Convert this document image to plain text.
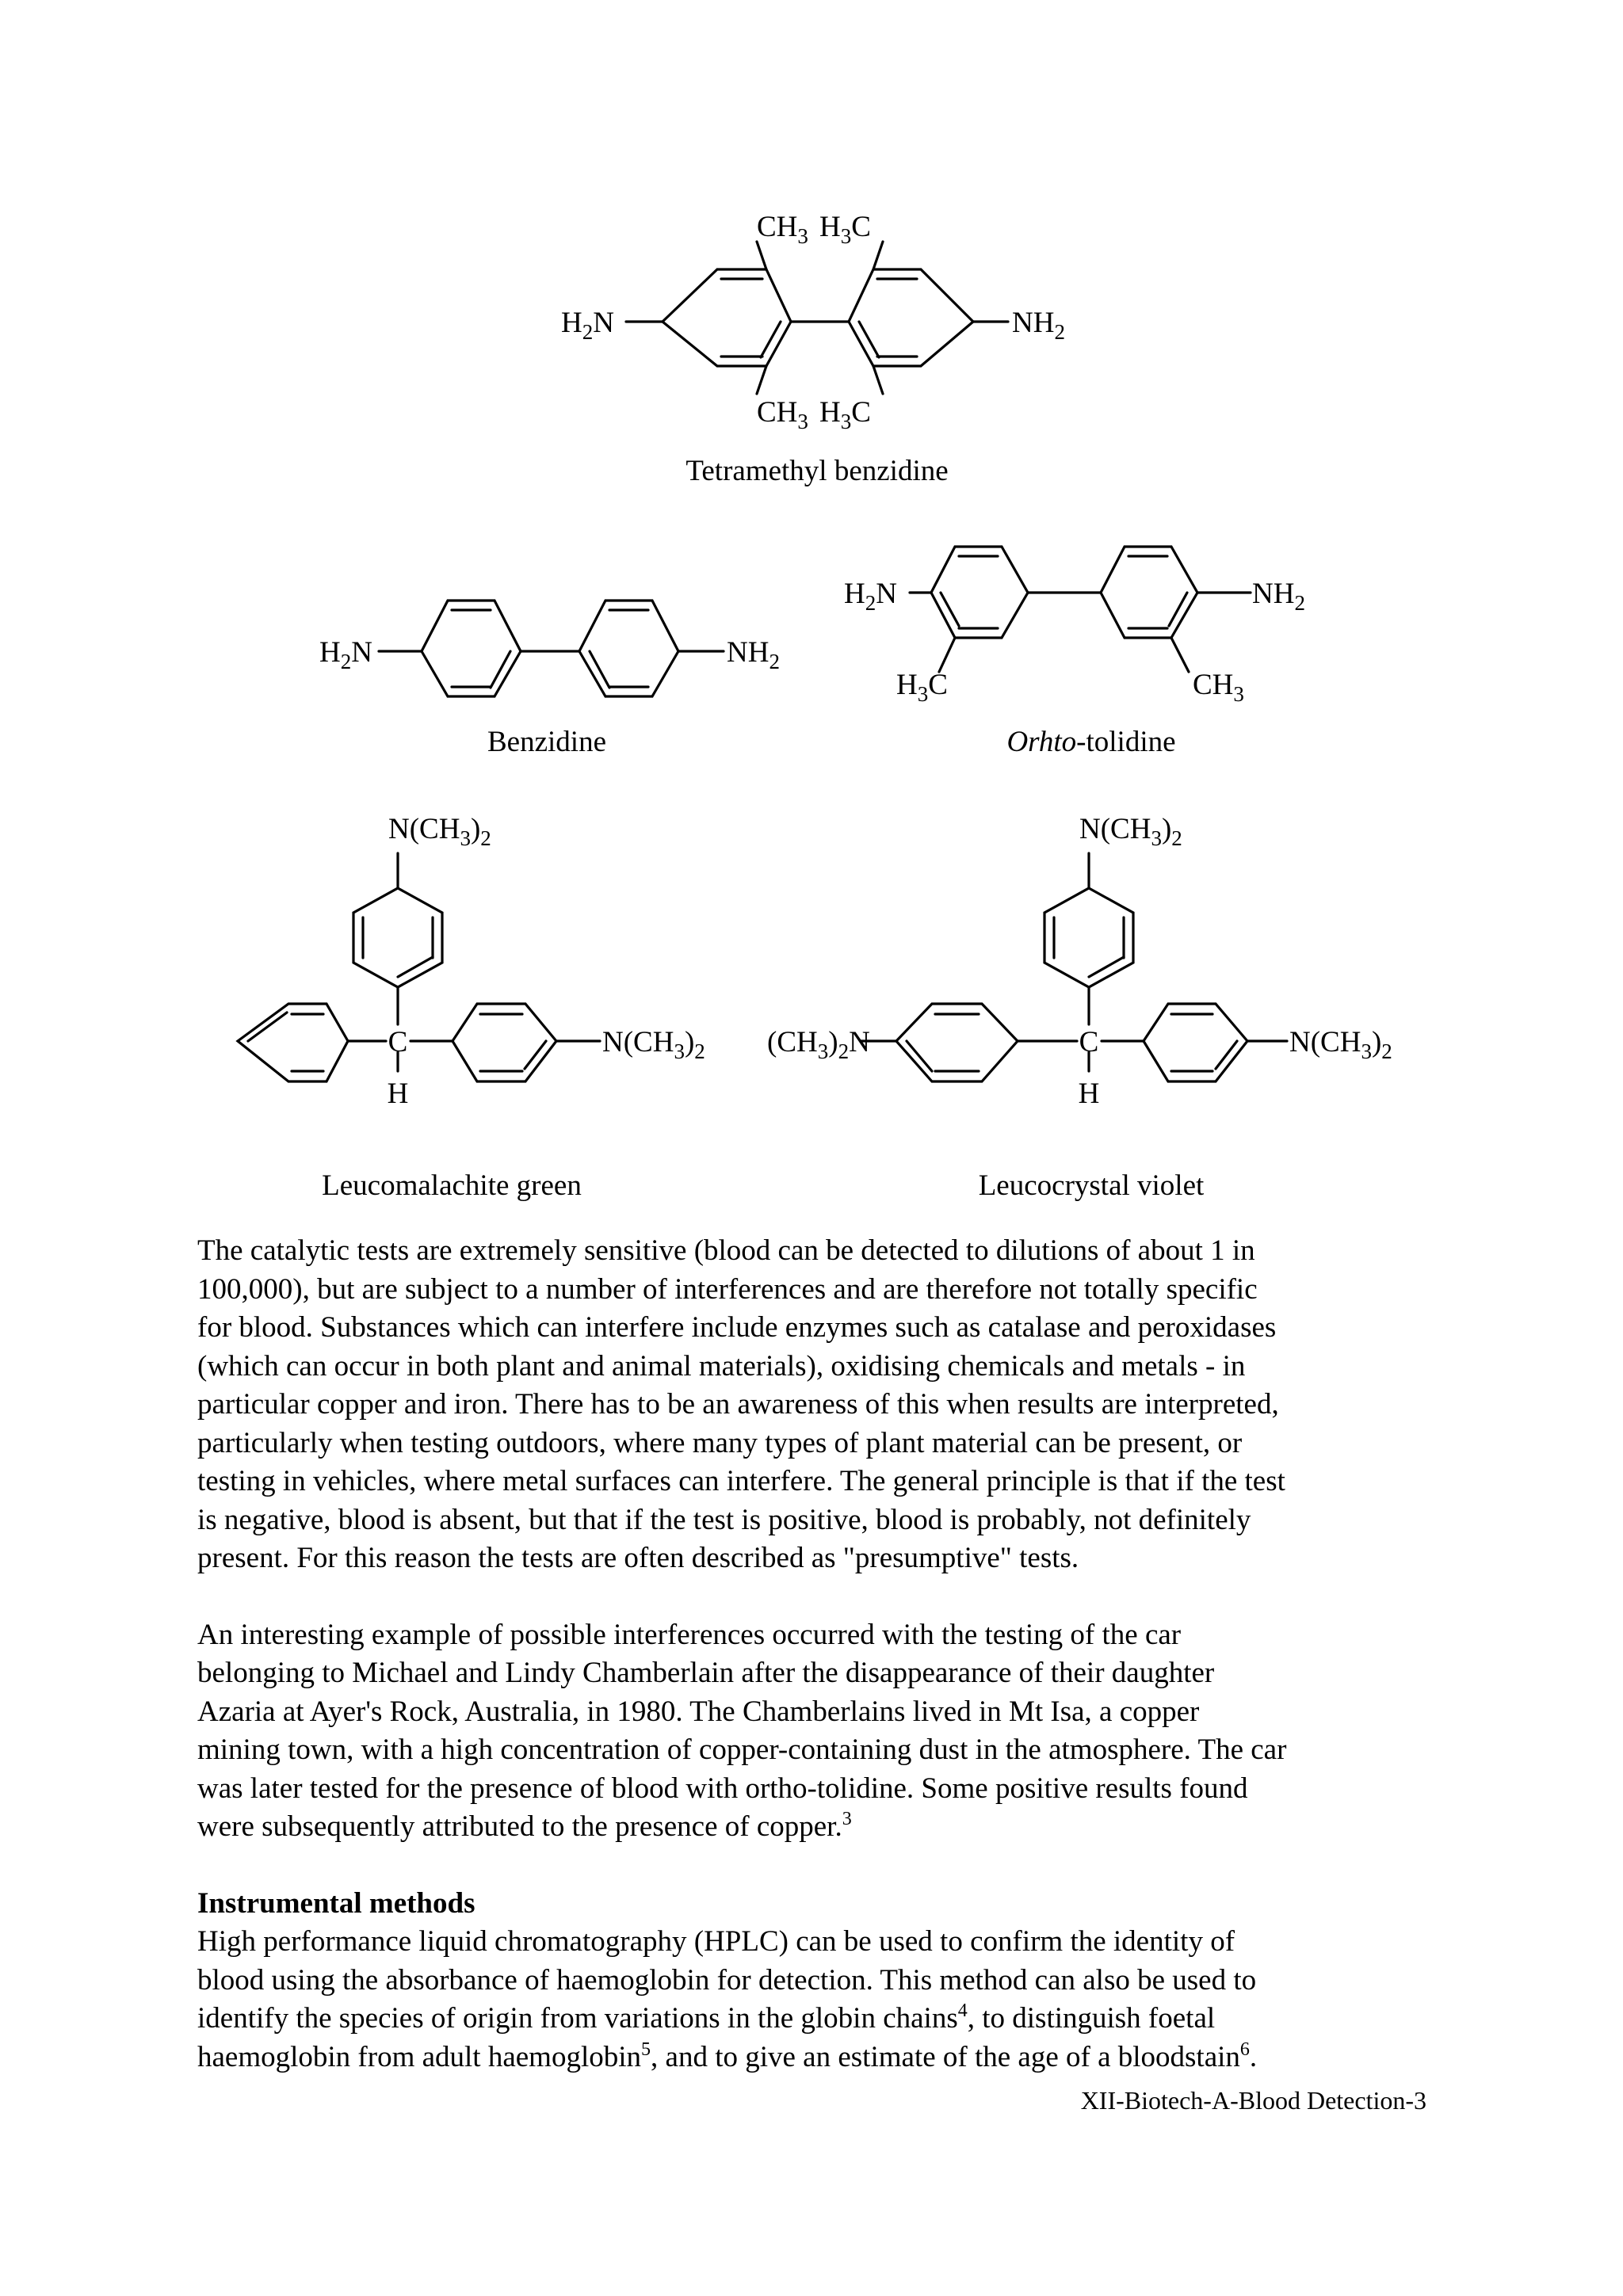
$H_2N$	$NH_2$
$CH_3$ $H_3C$
$CH_3$ $H_3C$
Tetramethyl benzidine
$H_2N$	$NH_2$
Benzidine
$H_2N$	$NH_2$
$H_3C$	$CH_3$
Orhto-tolidine
$N(CH_3)_2$
C
H
$N(CH_3)_2$
Leucomalachite green
$N(CH_3)_2$
$(CH_3)_2N$	C
H
$N(CH_3)_2$
Leucocrystal violet

The catalytic tests are extremely sensitive (blood can be detected to dilutions of about 1 in
100,000), but are subject to a number of interferences and are therefore not totally specific
for blood. Substances which can interfere include enzymes such as catalase and peroxidases
(which can occur in both plant and animal materials), oxidising chemicals and metals - in
particular copper and iron. There has to be an awareness of this when results are interpreted,
particularly when testing outdoors, where many types of plant material can be present, or
testing in vehicles, where metal surfaces can interfere. The general principle is that if the test
is negative, blood is absent, but that if the test is positive, blood is probably, not definitely
present. For this reason the tests are often described as "presumptive" tests.

An interesting example of possible interferences occurred with the testing of the car
belonging to Michael and Lindy Chamberlain after the disappearance of their daughter
Azaria at Ayer's Rock, Australia, in 1980. The Chamberlains lived in Mt Isa, a copper
mining town, with a high concentration of copper-containing dust in the atmosphere. The car
was later tested for the presence of blood with ortho-tolidine. Some positive results found
were subsequently attributed to the presence of copper.$^3$

Instrumental methods

High performance liquid chromatography (HPLC) can be used to confirm the identity of
blood using the absorbance of haemoglobin for detection. This method can also be used to
identify the species of origin from variations in the globin chains$^4$, to distinguish foetal
haemoglobin from adult haemoglobin$^5$, and to give an estimate of the age of a bloodstain$^6$.

XII-Biotech-A-Blood Detection-3
